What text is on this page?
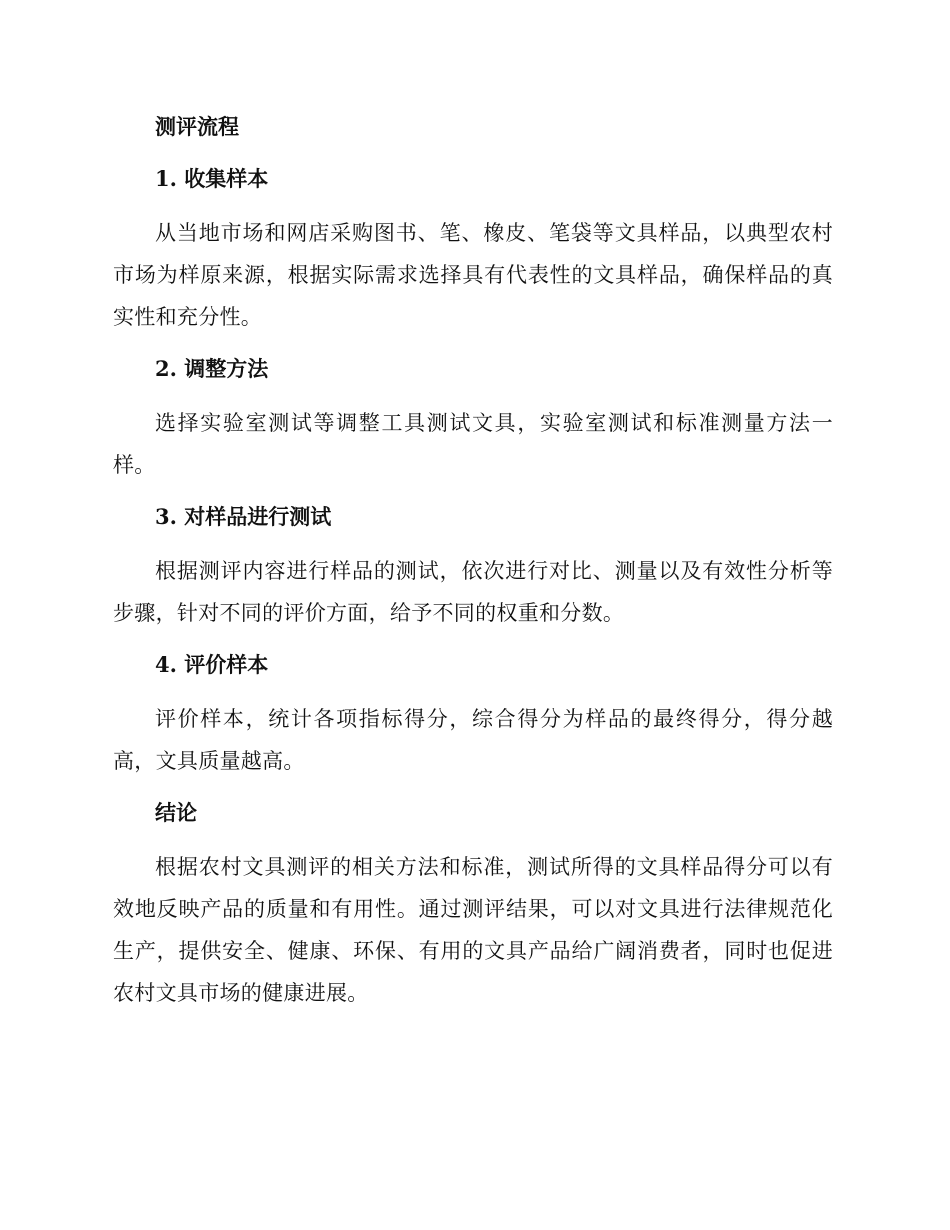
测评流程

1. 收集样本

从当地市场和网店采购图书、笔、橡皮、笔袋等文具样品，以典型农村市场为样原来源，根据实际需求选择具有代表性的文具样品，确保样品的真实性和充分性。

2. 调整方法

选择实验室测试等调整工具测试文具，实验室测试和标准测量方法一样。

3. 对样品进行测试

根据测评内容进行样品的测试，依次进行对比、测量以及有效性分析等步骤，针对不同的评价方面，给予不同的权重和分数。

4. 评价样本

评价样本，统计各项指标得分，综合得分为样品的最终得分，得分越高，文具质量越高。

结论

根据农村文具测评的相关方法和标准，测试所得的文具样品得分可以有效地反映产品的质量和有用性。通过测评结果，可以对文具进行法律规范化生产，提供安全、健康、环保、有用的文具产品给广阔消费者，同时也促进农村文具市场的健康进展。
